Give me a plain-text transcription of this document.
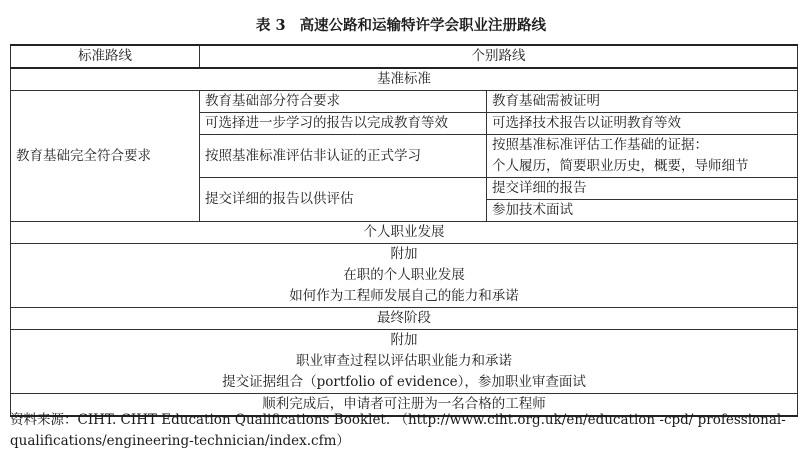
表 3 高速公路和运输特许学会职业注册路线
标准路线	个别路线	
基准标准		
教育基础完全符合要求	教育基础部分符合要求	教育基础需被证明
	可选择进一步学习的报告以完成教育等效	可选择技术报告以证明教育等效
	按照基准标准评估非认证的正式学习	按照基准标准评估工作基础的证据：
		个人履历，简要职业历史，概要，导师细节
	提交详细的报告以供评估	提交详细的报告
		参加技术面试
个人职业发展		
附加		
在职的个人职业发展		
如何作为工程师发展自己的能力和承诺		
最终阶段		
附加		
职业审查过程以评估职业能力和承诺		
提交证据组合（portfolio of evidence），参加职业审查面试		
顺利完成后，申请者可注册为一名合格的工程师		
资料来源：CIHT. CIHT Education Qualifications Booklet. （http://www.ciht.org.uk/en/education -cpd/ professional-
qualifications/engineering-technician/index.cfm）
